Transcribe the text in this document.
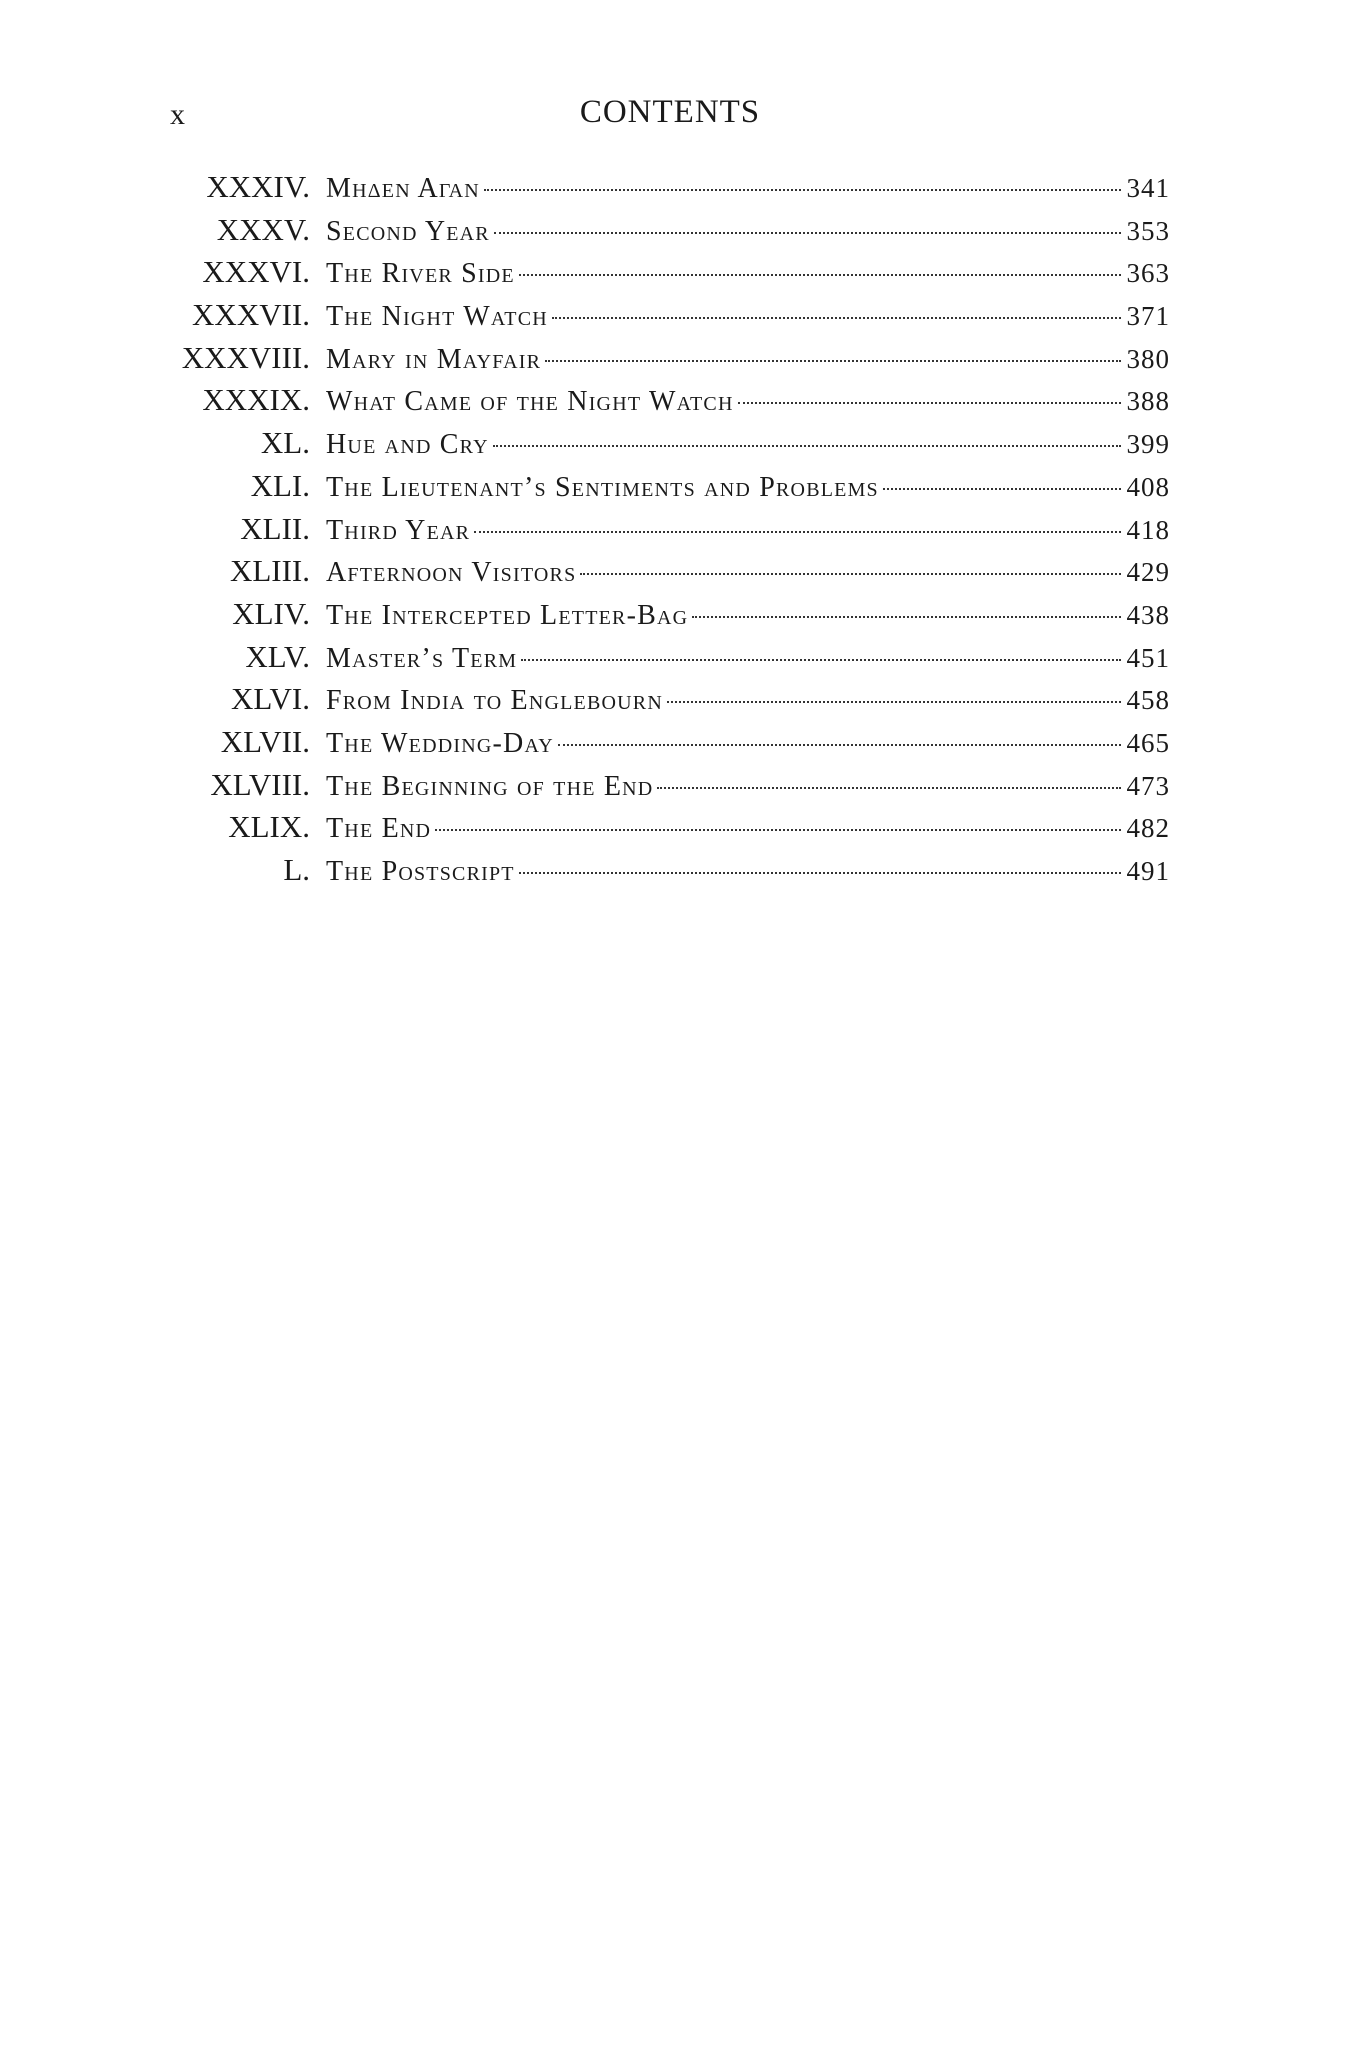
x	CONTENTS
XXXIV. Μηδεν Αγαν	341
XXXV. Second Year	353
XXXVI. The River Side	363
XXXVII. The Night Watch	371
XXXVIII. Mary in Mayfair	380
XXXIX. What Came of the Night Watch	388
XL. Hue and Cry	399
XLI. The Lieutenant’s Sentiments and Problems	408
XLII. Third Year	418
XLIII. Afternoon Visitors	429
XLIV. The Intercepted Letter-Bag	438
XLV. Master’s Term	451
XLVI. From India to Englebourn	458
XLVII. The Wedding-Day	465
XLVIII. The Beginning of the End	473
XLIX. The End	482
L. The Postscript	491
